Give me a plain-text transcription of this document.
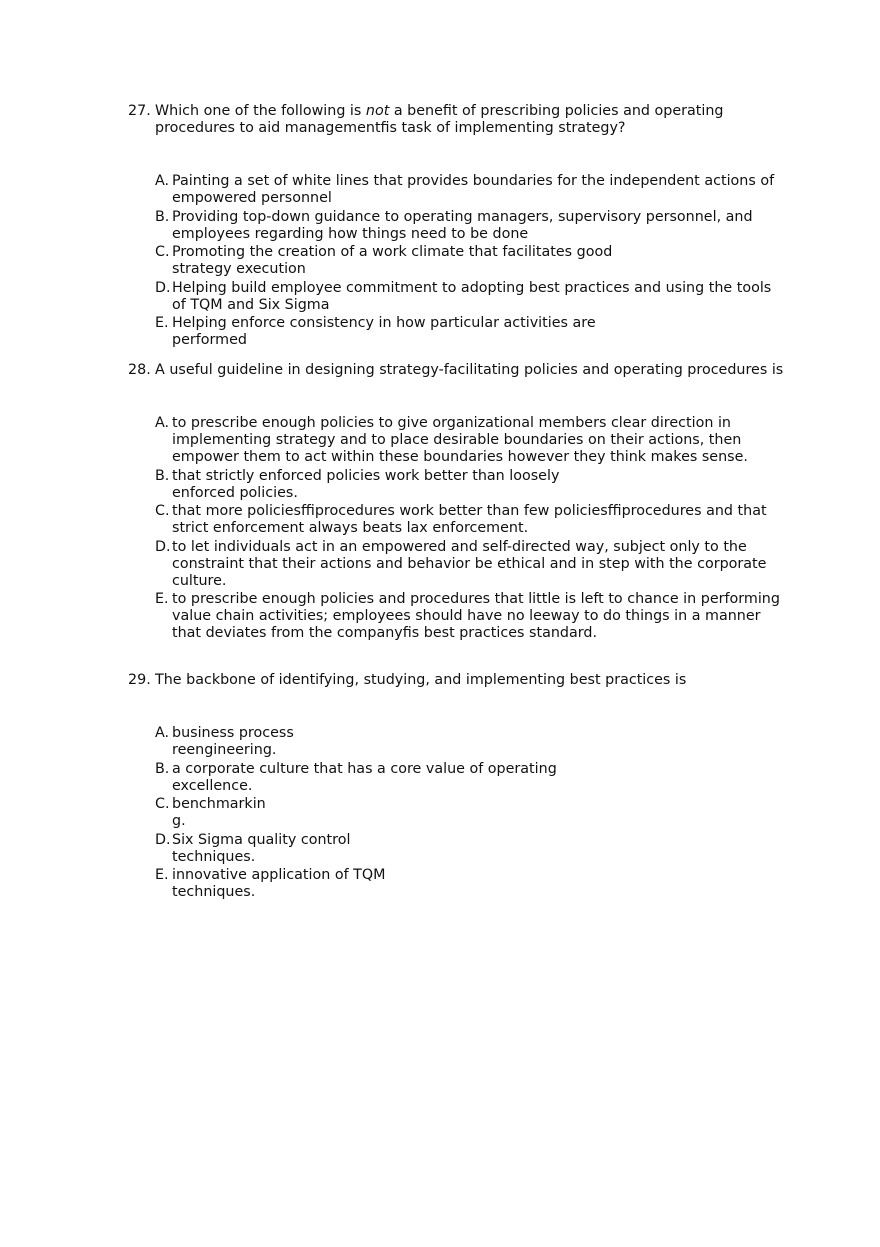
27. Which one of the following is not a benefit of prescribing policies and operating procedures to aid managementﬁs task of implementing strategy?
A. Painting a set of white lines that provides boundaries for the independent actions of empowered personnel
B. Providing top-down guidance to operating managers, supervisory personnel, and employees regarding how things need to be done
C. Promoting the creation of a work climate that facilitates good
strategy execution
D. Helping build employee commitment to adopting best practices and using the tools of TQM and Six Sigma
E. Helping enforce consistency in how particular activities are
performed
28. A useful guideline in designing strategy-facilitating policies and operating procedures is
A. to prescribe enough policies to give organizational members clear direction in implementing strategy and to place desirable boundaries on their actions, then empower them to act within these boundaries however they think makes sense.
B. that strictly enforced policies work better than loosely
enforced policies.
C. that more policiesﬃprocedures work better than few policiesﬃprocedures and that strict enforcement always beats lax enforcement.
D. to let individuals act in an empowered and self-directed way, subject only to the constraint that their actions and behavior be ethical and in step with the corporate culture.
E. to prescribe enough policies and procedures that little is left to chance in performing value chain activities; employees should have no leeway to do things in a manner that deviates from the companyﬁs best practices standard.
29. The backbone of identifying, studying, and implementing best practices is
A. business process
reengineering.
B. a corporate culture that has a core value of operating
excellence.
C. benchmarkin
g.
D. Six Sigma quality control
techniques.
E. innovative application of TQM
techniques.
